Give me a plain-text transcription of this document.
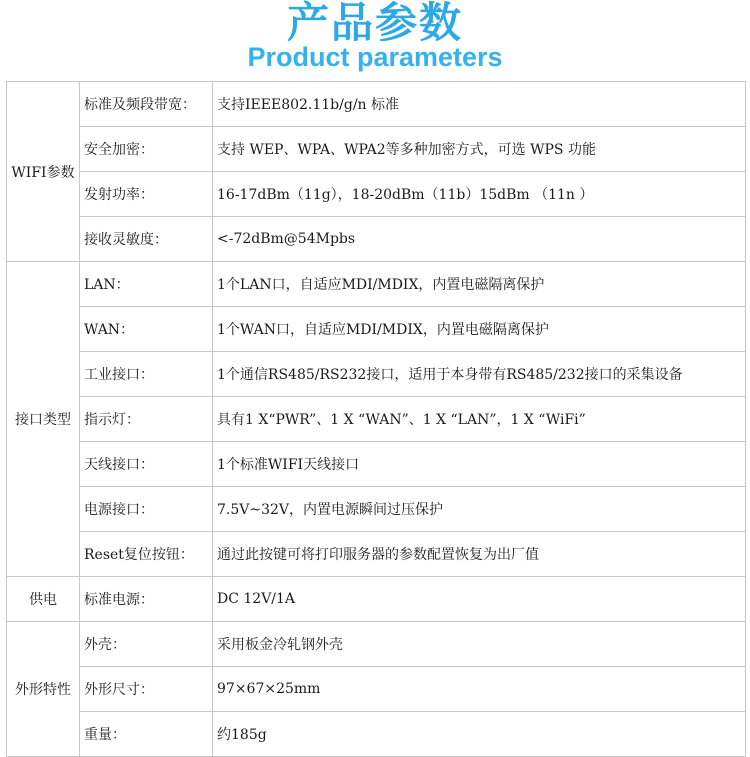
产品参数
Product parameters
WIFI参数	标准及频段带宽：	支持IEEE802.11b/g/n 标准
	安全加密：	支持 WEP、WPA、WPA2等多种加密方式，可选 WPS 功能
	发射功率：	16-17dBm（11g），18-20dBm（11b）15dBm （11n ）
	接收灵敏度：	<-72dBm@54Mpbs
接口类型	LAN：	1个LAN口，自适应MDI/MDIX，内置电磁隔离保护
	WAN：	1个WAN口，自适应MDI/MDIX，内置电磁隔离保护
	工业接口：	1个通信RS485/RS232接口，适用于本身带有RS485/232接口的采集设备
	指示灯：	具有1 X“PWR”、1 X “WAN”、1 X “LAN”，1 X “WiFi”
	天线接口：	1个标准WIFI天线接口
	电源接口：	7.5V~32V，内置电源瞬间过压保护
	Reset复位按钮：	通过此按键可将打印服务器的参数配置恢复为出厂值
供电	标准电源：	DC 12V/1A
外形特性	外壳：	采用板金冷轧钢外壳
	外形尺寸：	97×67×25mm
	重量：	约185g
